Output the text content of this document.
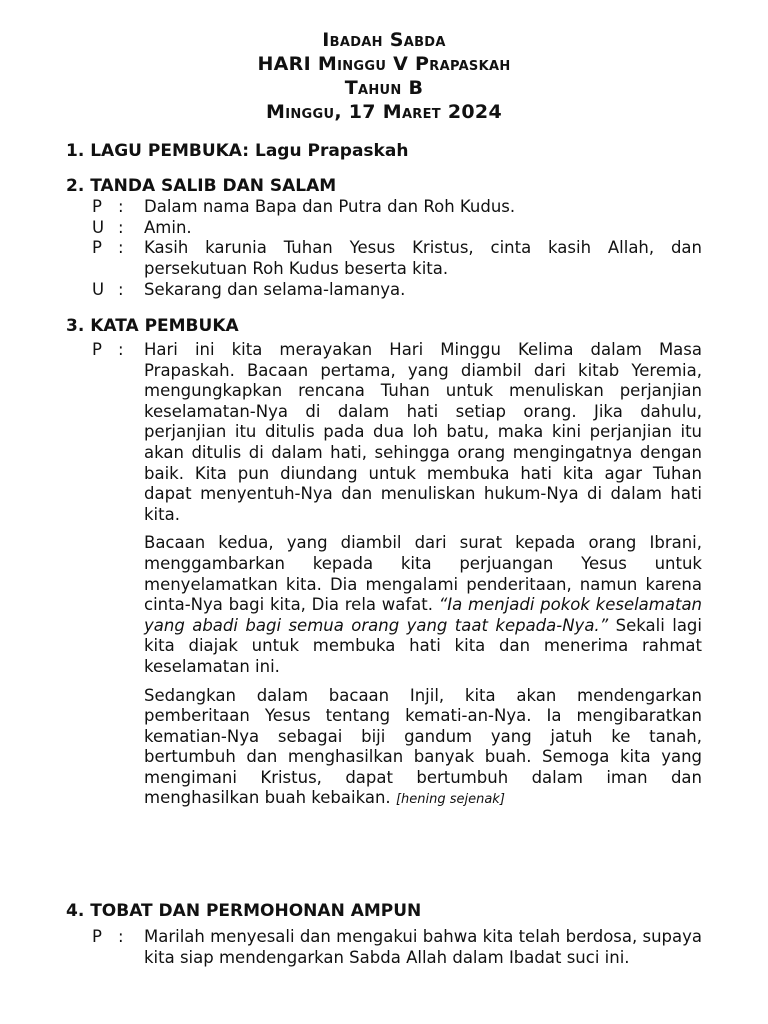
Ibadah Sabda
HARI Minggu V Prapaskah
Tahun B
Minggu, 17 Maret 2024
1. LAGU PEMBUKA: Lagu Prapaskah
2. TANDA SALIB DAN SALAM
P :	Dalam nama Bapa dan Putra dan Roh Kudus.
U :	Amin.
P :	Kasih karunia Tuhan Yesus Kristus, cinta kasih Allah, dan persekutuan Roh Kudus beserta kita.
U :	Sekarang dan selama-lamanya.
3. KATA PEMBUKA
P :	Hari ini kita merayakan Hari Minggu Kelima dalam Masa Prapaskah. Bacaan pertama, yang diambil dari kitab Yeremia, mengungkapkan rencana Tuhan untuk menuliskan perjanjian keselamatan-Nya di dalam hati setiap orang. Jika dahulu, perjanjian itu ditulis pada dua loh batu, maka kini perjanjian itu akan ditulis di dalam hati, sehingga orang mengingatnya dengan baik. Kita pun diundang untuk membuka hati kita agar Tuhan dapat menyentuh-Nya dan menuliskan hukum-Nya di dalam hati kita.

Bacaan kedua, yang diambil dari surat kepada orang Ibrani, menggambarkan kepada kita perjuangan Yesus untuk menyelamatkan kita. Dia mengalami penderitaan, namun karena cinta-Nya bagi kita, Dia rela wafat. “Ia menjadi pokok keselamatan yang abadi bagi semua orang yang taat kepada-Nya.” Sekali lagi kita diajak untuk membuka hati kita dan menerima rahmat keselamatan ini.

Sedangkan dalam bacaan Injil, kita akan mendengarkan pemberitaan Yesus tentang kemati-an-Nya. Ia mengibaratkan kematian-Nya sebagai biji gandum yang jatuh ke tanah, bertumbuh dan menghasilkan banyak buah. Semoga kita yang mengimani Kristus, dapat bertumbuh dalam iman dan menghasilkan buah kebaikan. [hening sejenak]

4. TOBAT DAN PERMOHONAN AMPUN
P :	Marilah menyesali dan mengakui bahwa kita telah berdosa, supaya kita siap mendengarkan Sabda Allah dalam Ibadat suci ini.
